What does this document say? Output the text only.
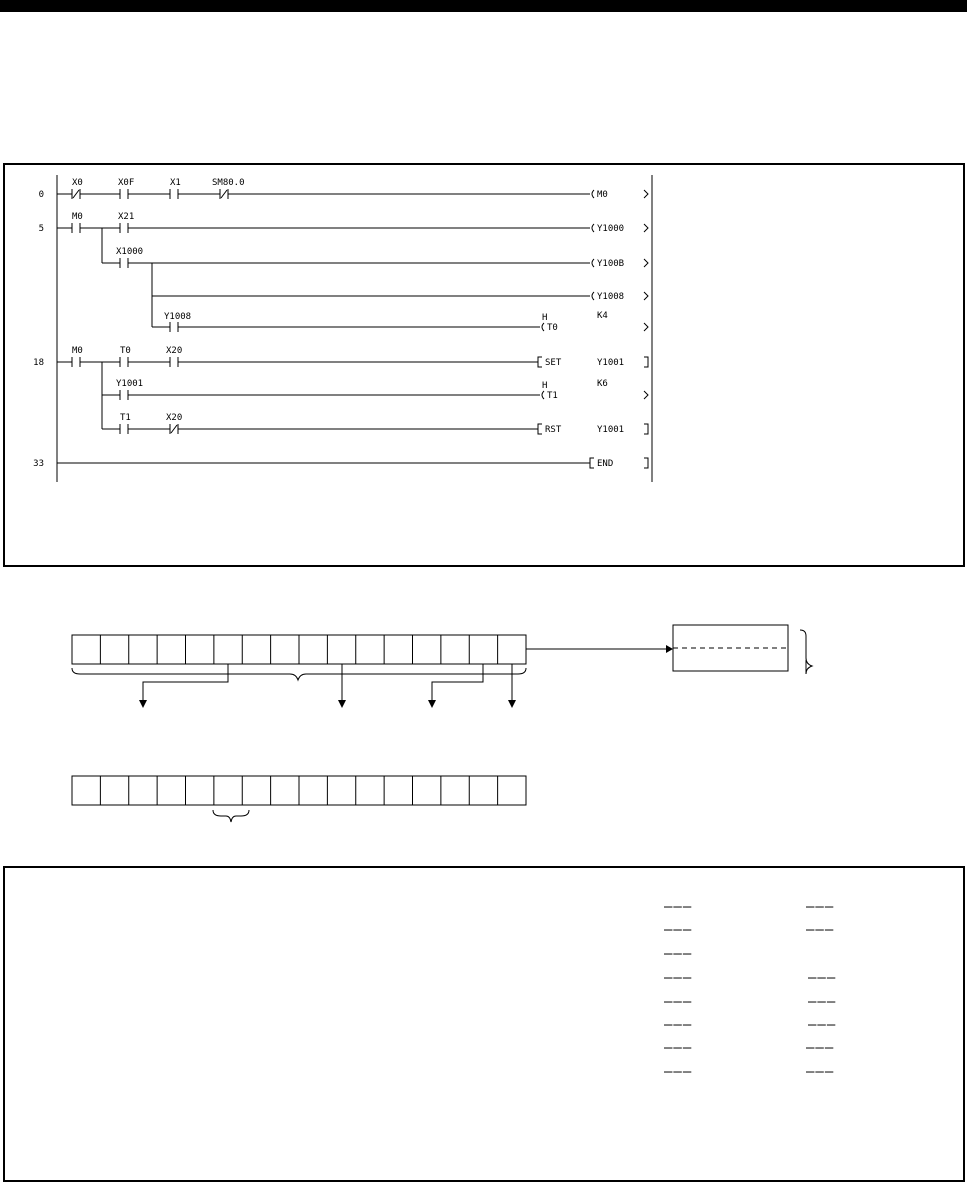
0
5
18
33
X0	X0F	X1	SM80.0
M0
M0	X21
Y1000
X1000
Y100B
Y1008
Y1008	H
T0
K4
M0	T0	X20
SET	Y1001
Y1001	H
T1
K6
T1	X20
RST	Y1001
END
———	———
———	———
———
———	———
———	———
———	———
———	———
———	———
